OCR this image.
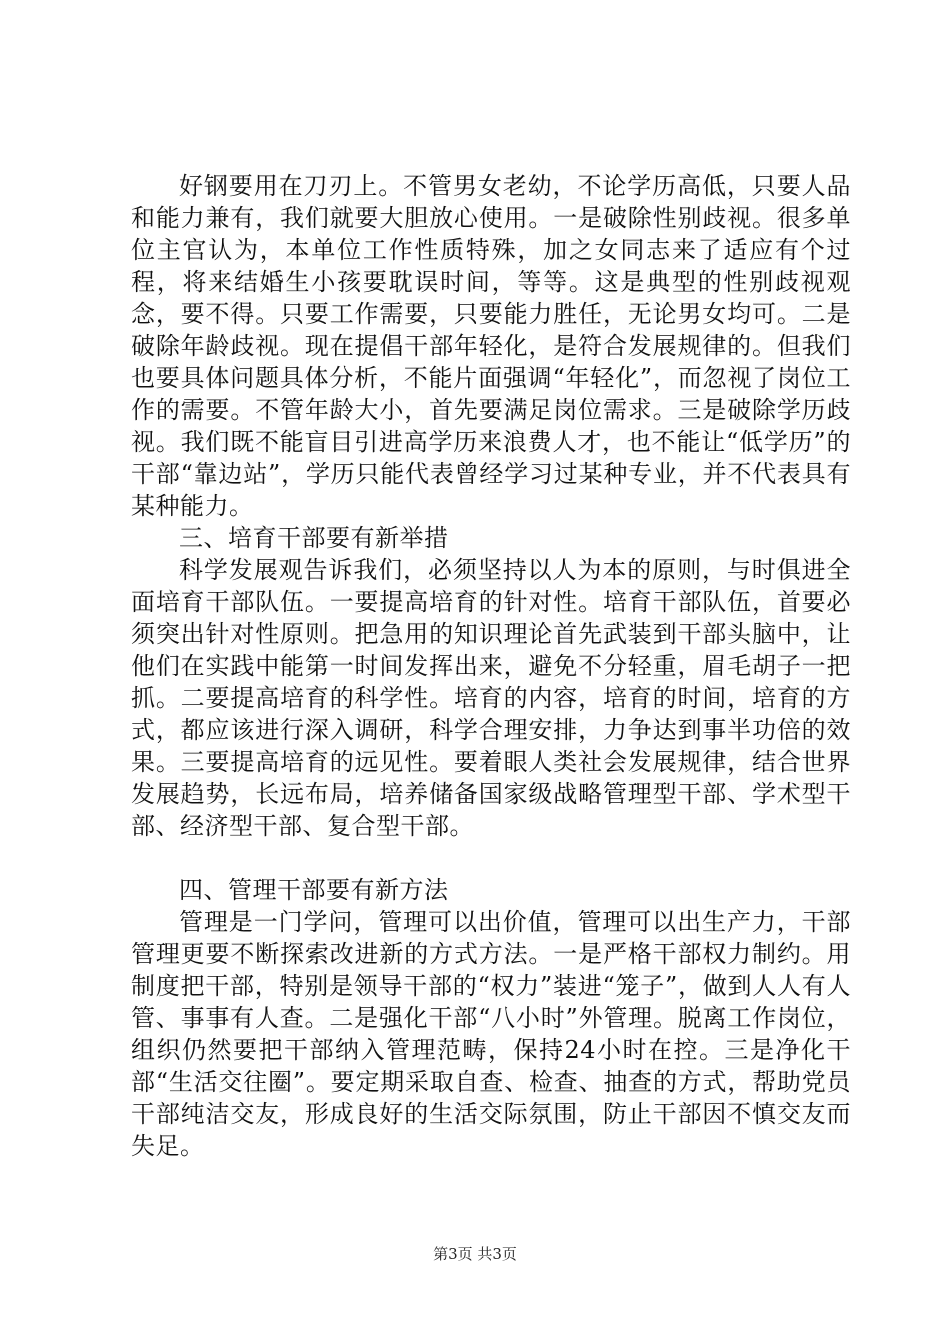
好钢要用在刀刃上。不管男女老幼，不论学历高低，只要人品和能力兼有，我们就要大胆放心使用。一是破除性别歧视。很多单位主官认为，本单位工作性质特殊，加之女同志来了适应有个过程，将来结婚生小孩要耽误时间，等等。这是典型的性别歧视观念，要不得。只要工作需要，只要能力胜任，无论男女均可。二是破除年龄歧视。现在提倡干部年轻化，是符合发展规律的。但我们也要具体问题具体分析，不能片面强调“年轻化”，而忽视了岗位工作的需要。不管年龄大小，首先要满足岗位需求。三是破除学历歧视。我们既不能盲目引进高学历来浪费人才，也不能让“低学历”的干部“靠边站”，学历只能代表曾经学习过某种专业，并不代表具有某种能力。

三、培育干部要有新举措

科学发展观告诉我们，必须坚持以人为本的原则，与时俱进全面培育干部队伍。一要提高培育的针对性。培育干部队伍，首要必须突出针对性原则。把急用的知识理论首先武装到干部头脑中，让他们在实践中能第一时间发挥出来，避免不分轻重，眉毛胡子一把抓。二要提高培育的科学性。培育的内容，培育的时间，培育的方式，都应该进行深入调研，科学合理安排，力争达到事半功倍的效果。三要提高培育的远见性。要着眼人类社会发展规律，结合世界发展趋势，长远布局，培养储备国家级战略管理型干部、学术型干部、经济型干部、复合型干部。

四、管理干部要有新方法

管理是一门学问，管理可以出价值，管理可以出生产力，干部管理更要不断探索改进新的方式方法。一是严格干部权力制约。用制度把干部，特别是领导干部的“权力”装进“笼子”，做到人人有人管、事事有人查。二是强化干部“八小时”外管理。脱离工作岗位，组织仍然要把干部纳入管理范畴，保持24小时在控。三是净化干部“生活交往圈”。要定期采取自查、检查、抽查的方式，帮助党员干部纯洁交友，形成良好的生活交际氛围，防止干部因不慎交友而失足。

第3页 共3页
